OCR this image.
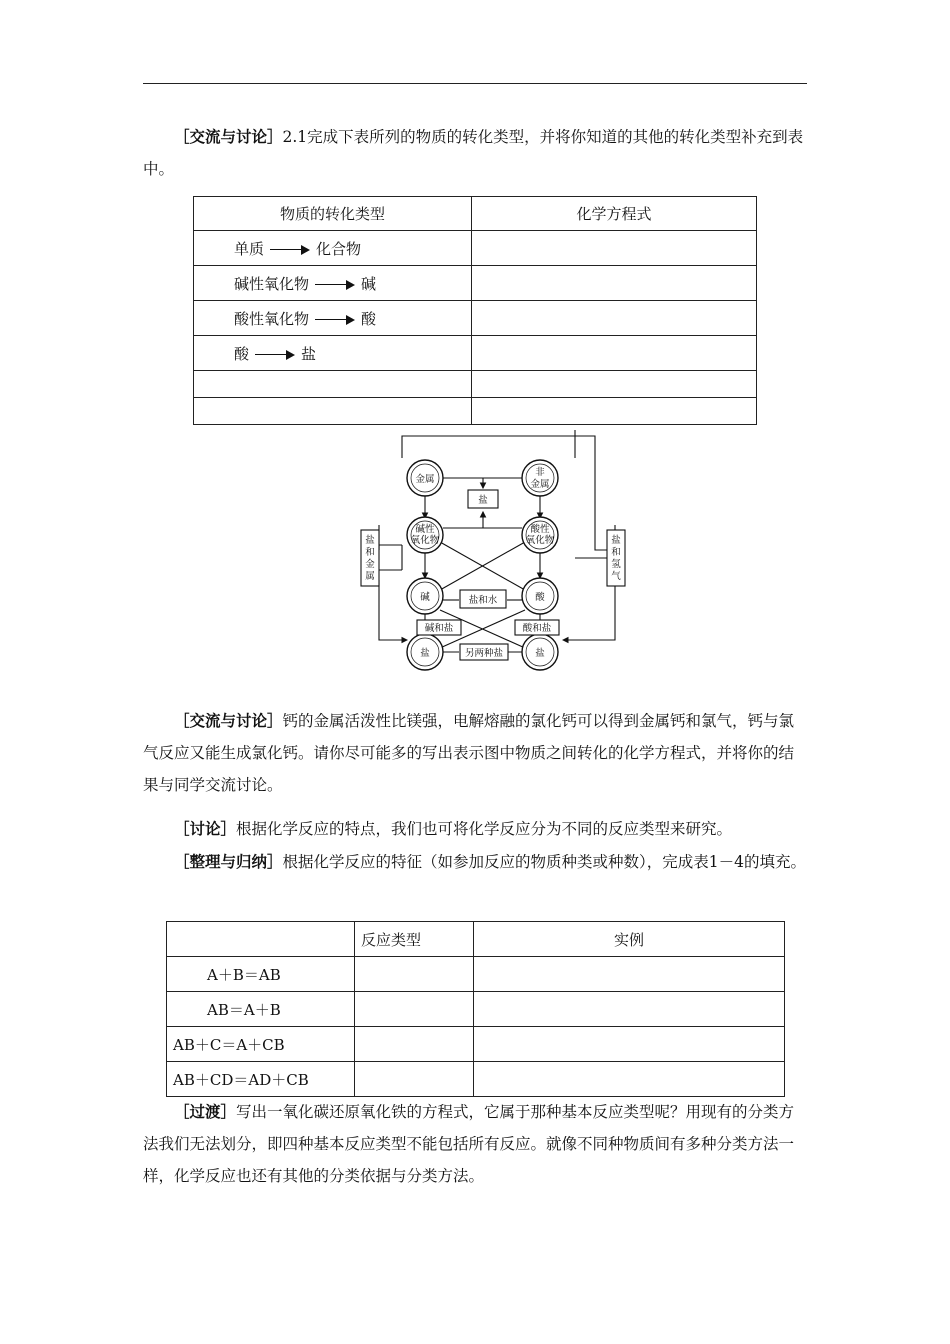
［交流与讨论］2.1完成下表所列的物质的转化类型，并将你知道的其他的转化类型补充到表中。
物质的转化类型	化学方程式
单质 化合物	
碱性氧化物 碱	
酸性氧化物 酸	
酸 盐	

金属
非
金属
盐
碱性
氧化物
酸性
氧化物
碱	酸
盐和水
碱和盐	酸和盐
盐	盐
另两种盐
盐
和
金
属
盐
和
氢
气
［交流与讨论］钙的金属活泼性比镁强，电解熔融的氯化钙可以得到金属钙和氯气，钙与氯气反应又能生成氯化钙。请你尽可能多的写出表示图中物质之间转化的化学方程式，并将你的结果与同学交流讨论。
［讨论］根据化学反应的特点，我们也可将化学反应分为不同的反应类型来研究。
［整理与归纳］根据化学反应的特征（如参加反应的物质种类或种数），完成表1－4的填充。
	反应类型	实例
A＋B＝AB		
AB＝A＋B		
AB＋C＝A＋CB		
AB＋CD＝AD＋CB		
［过渡］写出一氧化碳还原氧化铁的方程式，它属于那种基本反应类型呢？用现有的分类方法我们无法划分，即四种基本反应类型不能包括所有反应。就像不同种物质间有多种分类方法一样，化学反应也还有其他的分类依据与分类方法。
